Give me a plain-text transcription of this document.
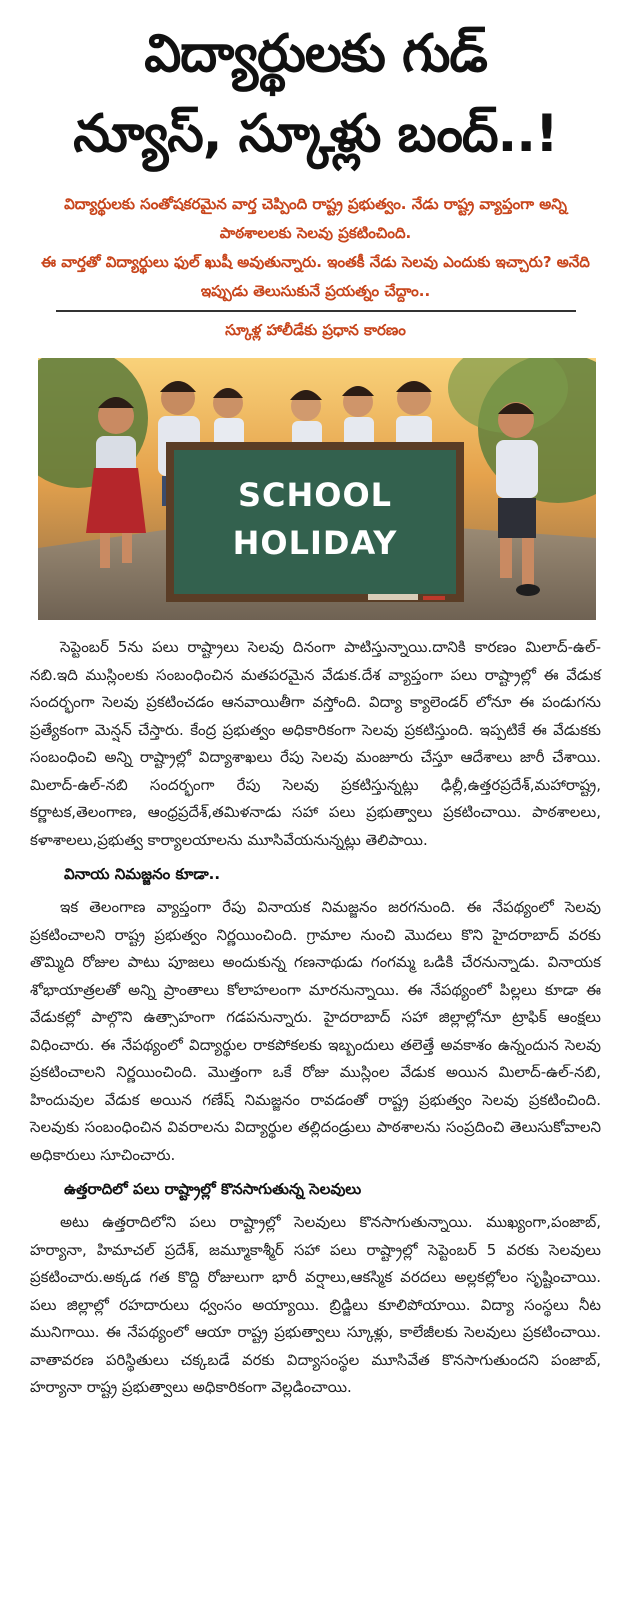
విద్యార్థులకు గుడ్
న్యూస్, స్కూళ్లు బంద్..!
విద్యార్థులకు సంతోషకరమైన వార్త చెప్పింది రాష్ట్ర ప్రభుత్వం. నేడు రాష్ట్ర వ్యాప్తంగా అన్ని పాఠశాలలకు సెలవు ప్రకటించింది.
ఈ వార్తతో విద్యార్థులు ఫుల్ ఖుషీ అవుతున్నారు. ఇంతకీ నేడు సెలవు ఎందుకు ఇచ్చారు? అనేది ఇప్పుడు తెలుసుకునే ప్రయత్నం చేద్దాం..
స్కూళ్ల హాలీడేకు ప్రధాన కారణం
SCHOOL
HOLIDAY

సెప్టెంబర్ 5ను పలు రాష్ట్రాలు సెలవు దినంగా పాటిస్తున్నాయి.దానికి కారణం మిలాద్-ఉల్-నబి.ఇది ముస్లింలకు సంబంధించిన మతపరమైన వేడుక.దేశ వ్యాప్తంగా పలు రాష్ట్రాల్లో ఈ వేడుక సందర్భంగా సెలవు ప్రకటించడం ఆనవాయితీగా వస్తోంది. విద్యా క్యాలెండర్ లోనూ ఈ పండుగను ప్రత్యేకంగా మెన్షన్ చేస్తారు. కేంద్ర ప్రభుత్వం అధికారికంగా సెలవు ప్రకటిస్తుంది. ఇప్పటికే ఈ వేడుకకు సంబంధించి అన్ని రాష్ట్రాల్లో విద్యాశాఖలు రేపు సెలవు మంజూరు చేస్తూ ఆదేశాలు జారీ చేశాయి. మిలాద్-ఉల్-నబి సందర్భంగా రేపు సెలవు ప్రకటిస్తున్నట్లు ఢిల్లీ,ఉత్తరప్రదేశ్,మహారాష్ట్ర, కర్ణాటక,తెలంగాణ, ఆంధ్రప్రదేశ్,తమిళనాడు సహా పలు ప్రభుత్వాలు ప్రకటించాయి. పాఠశాలలు, కళాశాలలు,ప్రభుత్వ కార్యాలయాలను మూసివేయనున్నట్లు తెలిపాయి.

వినాయ నిమజ్జనం కూడా..

ఇక తెలంగాణ వ్యాప్తంగా రేపు వినాయక నిమజ్జనం జరగనుంది. ఈ నేపథ్యంలో సెలవు ప్రకటించాలని రాష్ట్ర ప్రభుత్వం నిర్ణయించింది. గ్రామాల నుంచి మొదలు కొని హైదరాబాద్ వరకు తొమ్మిది రోజుల పాటు పూజలు అందుకున్న గణనాథుడు గంగమ్మ ఒడికి చేరనున్నాడు. వినాయక శోభాయాత్రలతో అన్ని ప్రాంతాలు కోలాహలంగా మారనున్నాయి. ఈ నేపథ్యంలో పిల్లలు కూడా ఈ వేడుకల్లో పాల్గొని ఉత్సాహంగా గడపనున్నారు. హైదరాబాద్ సహా జిల్లాల్లోనూ ట్రాఫిక్ ఆంక్షలు విధించారు. ఈ నేపథ్యంలో విద్యార్థుల రాకపోకలకు ఇబ్బందులు తలెత్తే అవకాశం ఉన్నందున సెలవు ప్రకటించాలని నిర్ణయించింది. మొత్తంగా ఒకే రోజు ముస్లింల వేడుక అయిన మిలాద్-ఉల్-నబి, హిందువుల వేడుక అయిన గణేష్ నిమజ్జనం రావడంతో రాష్ట్ర ప్రభుత్వం సెలవు ప్రకటించింది. సెలవుకు సంబంధించిన వివరాలను విద్యార్థుల తల్లిదండ్రులు పాఠశాలను సంప్రదించి తెలుసుకోవాలని అధికారులు సూచించారు.

ఉత్తరాదిలో పలు రాష్ట్రాల్లో కొనసాగుతున్న సెలవులు

అటు ఉత్తరాదిలోని పలు రాష్ట్రాల్లో సెలవులు కొనసాగుతున్నాయి. ముఖ్యంగా,పంజాబ్, హర్యానా, హిమాచల్ ప్రదేశ్, జమ్మూకాశ్మీర్ సహా పలు రాష్ట్రాల్లో సెప్టెంబర్ 5 వరకు సెలవులు ప్రకటించారు.అక్కడ గత కొద్ది రోజులుగా భారీ వర్షాలు,ఆకస్మిక వరదలు అల్లకల్లోలం సృష్టించాయి. పలు జిల్లాల్లో రహదారులు ధ్వంసం అయ్యాయి. బ్రిడ్జిలు కూలిపోయాయి. విద్యా సంస్థలు నీట మునిగాయి. ఈ నేపథ్యంలో ఆయా రాష్ట్ర ప్రభుత్వాలు స్కూళ్లు, కాలేజీలకు సెలవులు ప్రకటించాయి. వాతావరణ పరిస్థితులు చక్కబడే వరకు విద్యాసంస్థల మూసివేత కొనసాగుతుందని పంజాబ్, హర్యానా రాష్ట్ర ప్రభుత్వాలు అధికారికంగా వెల్లడించాయి.
